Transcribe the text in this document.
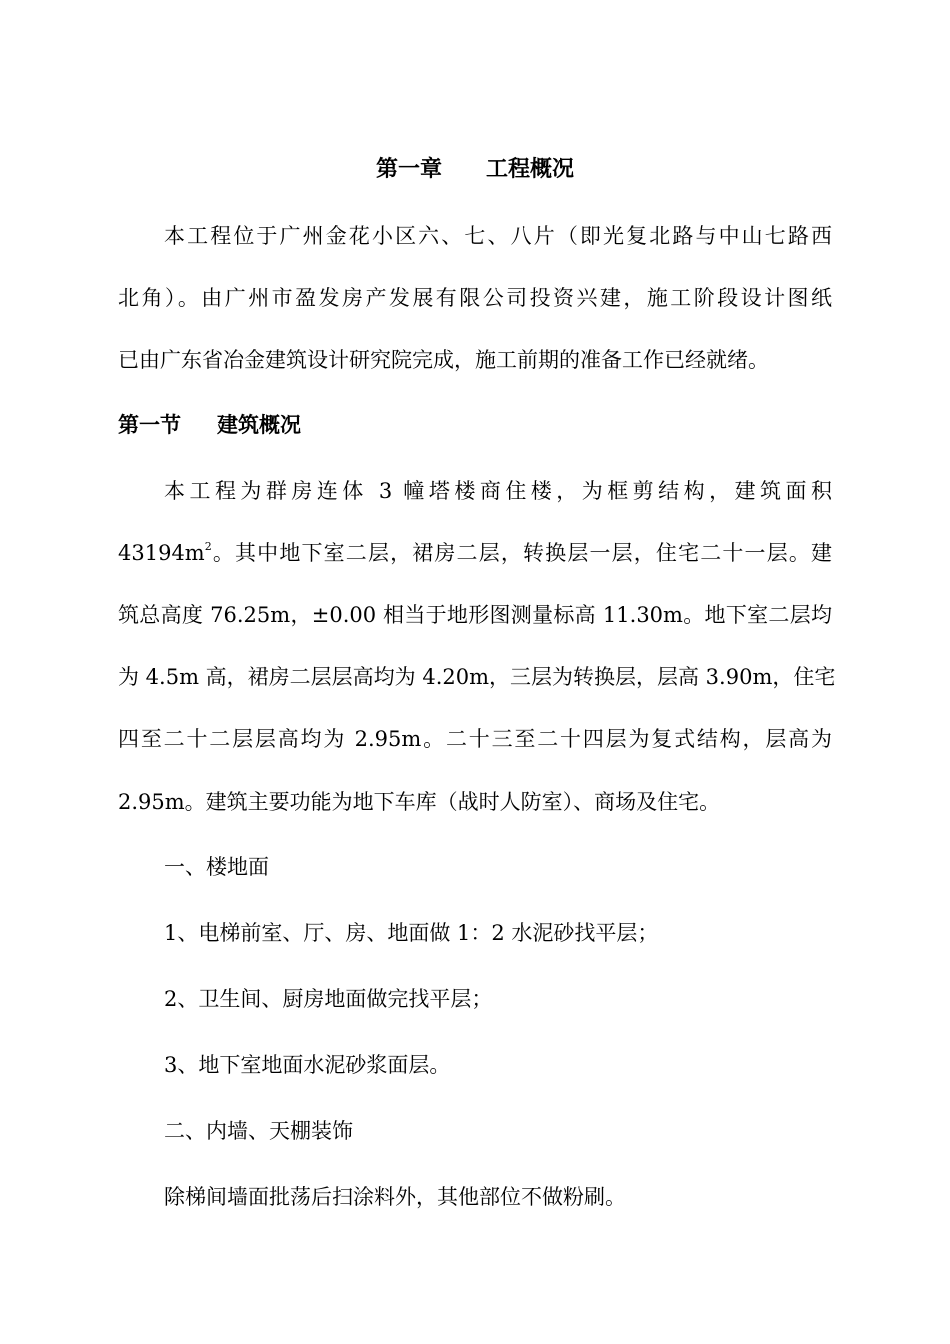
第一章 工程概况

本工程位于广州金花小区六、七、八片（即光复北路与中山七路西

北角）。由广州市盈发房产发展有限公司投资兴建，施工阶段设计图纸

已由广东省冶金建筑设计研究院完成，施工前期的准备工作已经就绪。

第一节 建筑概况

本工程为群房连体 3 幢塔楼商住楼，为框剪结构，建筑面积

$43194m^2$。其中地下室二层，裙房二层，转换层一层，住宅二十一层。建

筑总高度 76.25m，±0.00 相当于地形图测量标高 11.30m。地下室二层均

为 4.5m 高，裙房二层层高均为 4.20m，三层为转换层，层高 3.90m，住宅

四至二十二层层高均为 2.95m。二十三至二十四层为复式结构，层高为

2.95m。建筑主要功能为地下车库（战时人防室）、商场及住宅。

一、楼地面

1、电梯前室、厅、房、地面做 1：2 水泥砂找平层；

2、卫生间、厨房地面做完找平层；

3、地下室地面水泥砂浆面层。

二、内墙、天棚装饰

除梯间墙面批荡后扫涂料外，其他部位不做粉刷。
